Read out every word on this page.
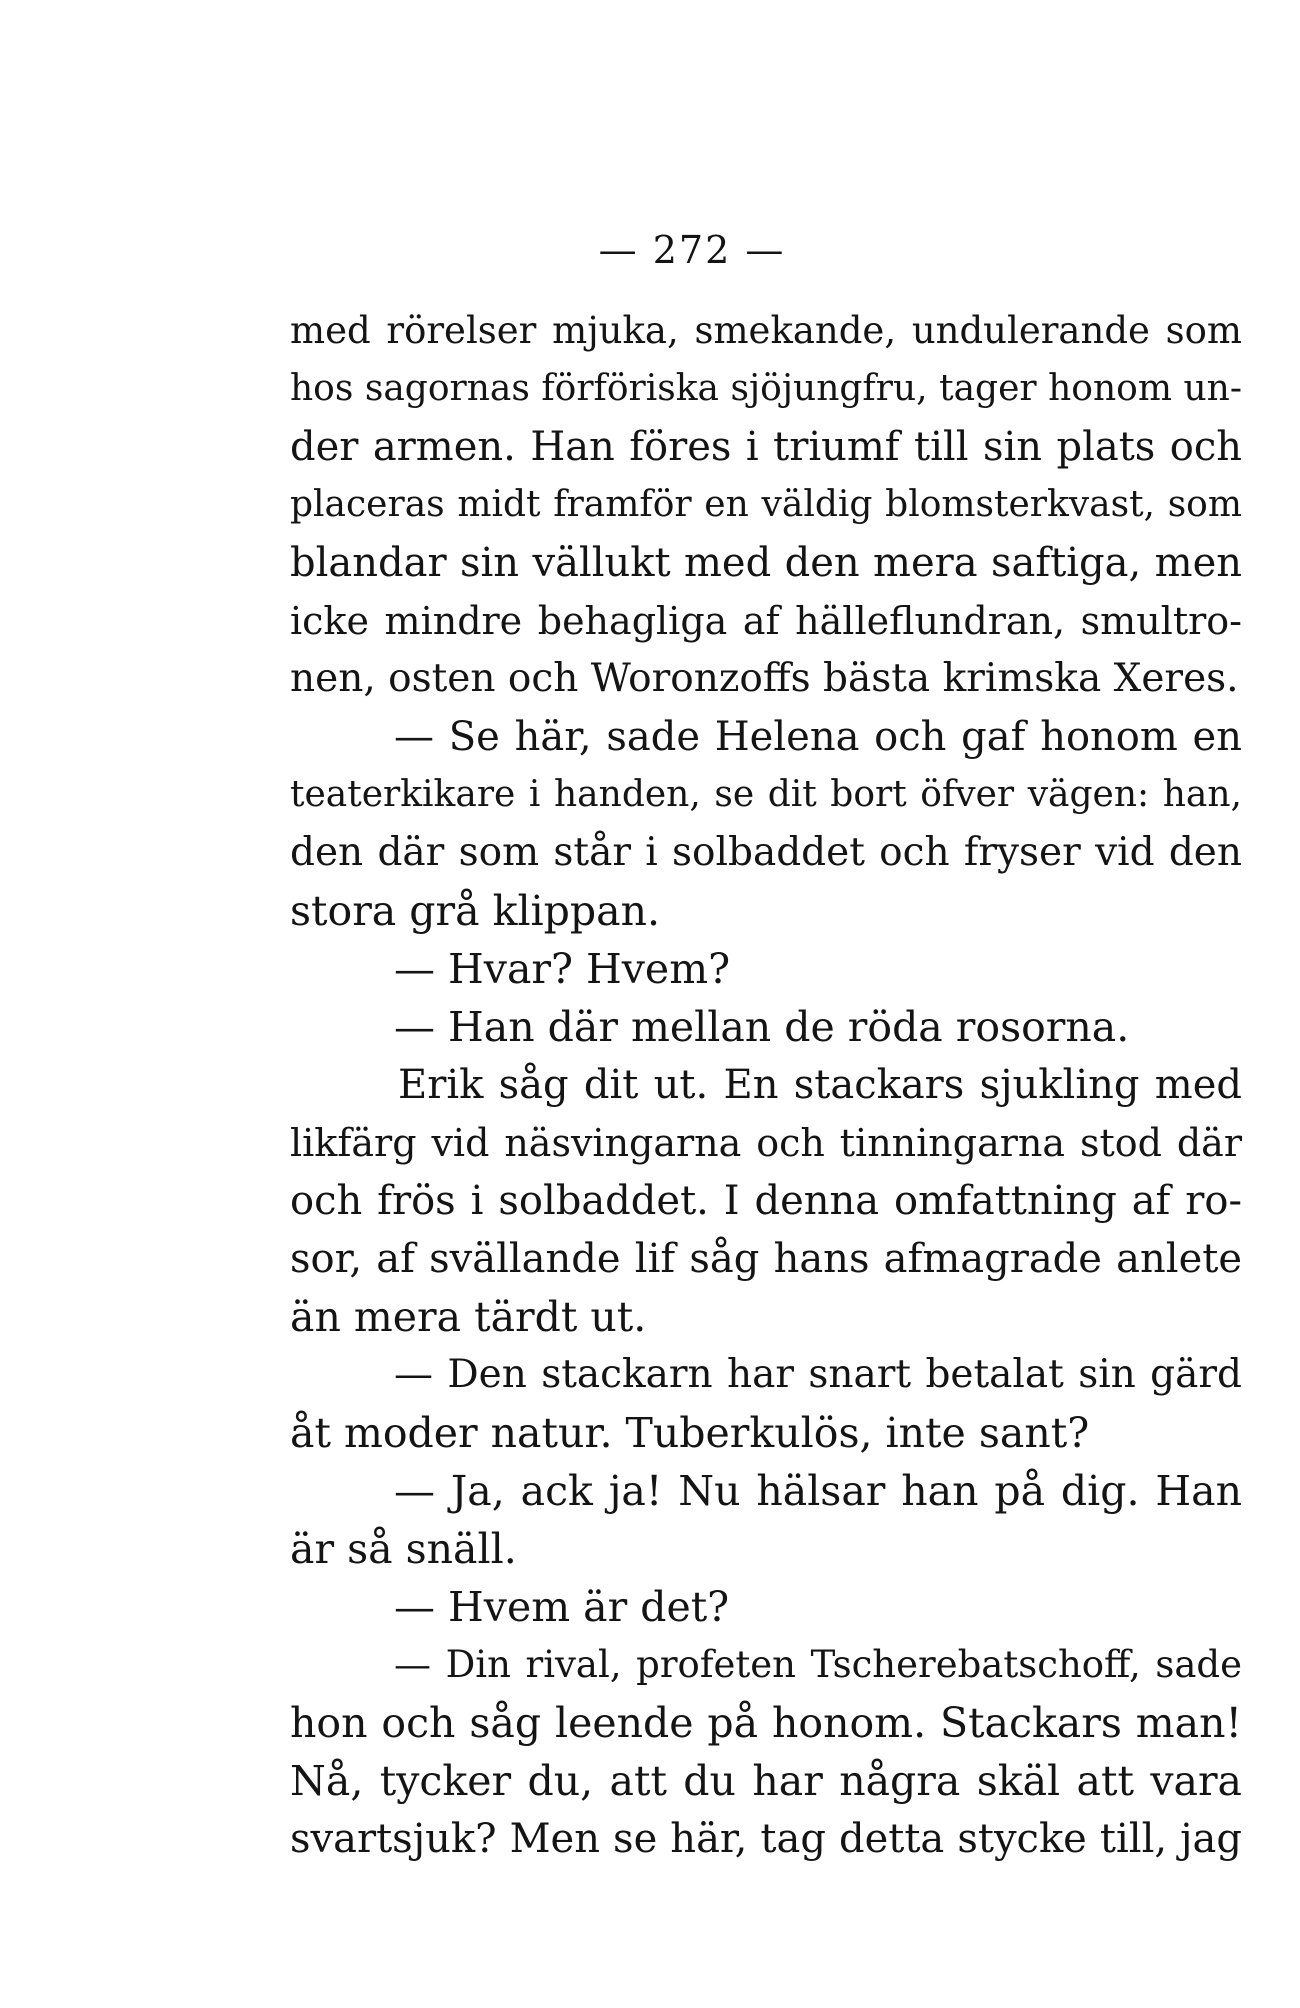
— 272 —
med rörelser mjuka, smekande, undulerande som
hos sagornas förföriska sjöjungfru, tager honom un-
der armen. Han föres i triumf till sin plats och
placeras midt framför en väldig blomsterkvast, som
blandar sin vällukt med den mera saftiga, men
icke mindre behagliga af hälleflundran, smultro-
nen, osten och Woronzoffs bästa krimska Xeres.
— Se här, sade Helena och gaf honom en
teaterkikare i handen, se dit bort öfver vägen: han,
den där som står i solbaddet och fryser vid den
stora grå klippan.
— Hvar? Hvem?
— Han där mellan de röda rosorna.
Erik såg dit ut. En stackars sjukling med
likfärg vid näsvingarna och tinningarna stod där
och frös i solbaddet. I denna omfattning af ro-
sor, af svällande lif såg hans afmagrade anlete
än mera tärdt ut.
— Den stackarn har snart betalat sin gärd
åt moder natur. Tuberkulös, inte sant?
— Ja, ack ja! Nu hälsar han på dig. Han
är så snäll.
— Hvem är det?
— Din rival, profeten Tscherebatschoff, sade
hon och såg leende på honom. Stackars man!
Nå, tycker du, att du har några skäl att vara
svartsjuk? Men se här, tag detta stycke till, jag
